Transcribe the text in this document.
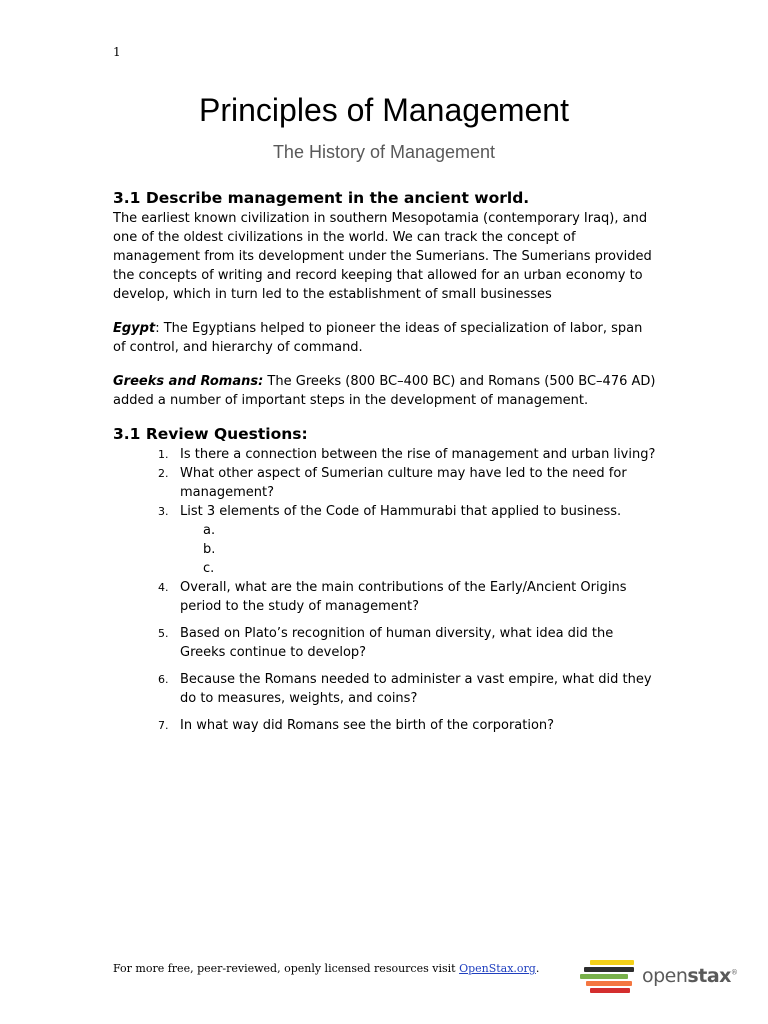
1
Principles of Management
The History of Management
3.1 Describe management in the ancient world.

The earliest known civilization in southern Mesopotamia (contemporary Iraq), and one of the oldest civilizations in the world. We can track the concept of management from its development under the Sumerians. The Sumerians provided the concepts of writing and record keeping that allowed for an urban economy to develop, which in turn led to the establishment of small businesses

Egypt: The Egyptians helped to pioneer the ideas of specialization of labor, span of control, and hierarchy of command.

Greeks and Romans: The Greeks (800 BC–400 BC) and Romans (500 BC–476 AD) added a number of important steps in the development of management.

3.1 Review Questions:
1. Is there a connection between the rise of management and urban living?
2. What other aspect of Sumerian culture may have led to the need for management?
3. List 3 elements of the Code of Hammurabi that applied to business.
a.
b.
c.
4. Overall, what are the main contributions of the Early/Ancient Origins period to the study of management?
5. Based on Plato’s recognition of human diversity, what idea did the Greeks continue to develop?
6. Because the Romans needed to administer a vast empire, what did they do to measures, weights, and coins?
7. In what way did Romans see the birth of the corporation?
For more free, peer-reviewed, openly licensed resources visit OpenStax.org.	openstax®
